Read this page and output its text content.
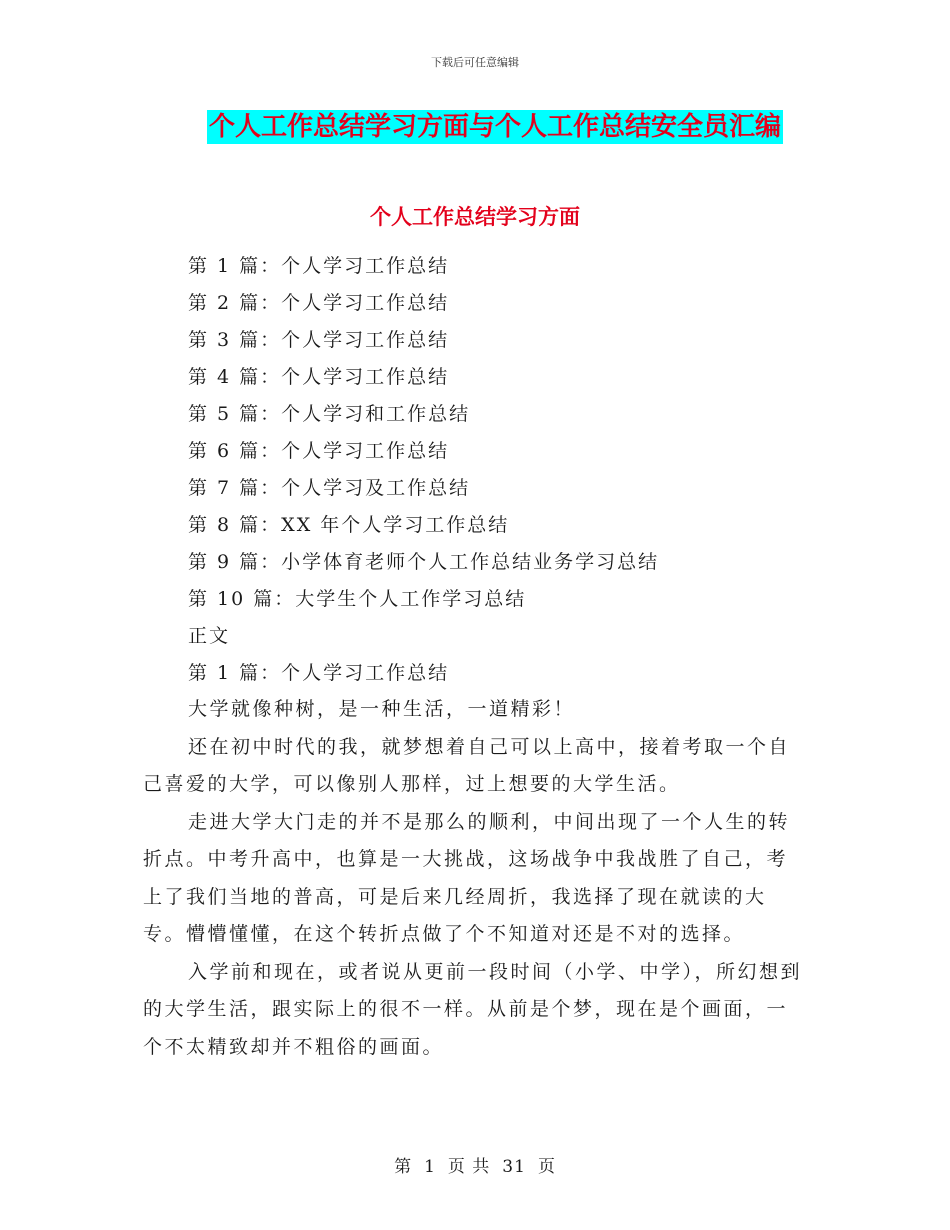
下载后可任意编辑
个人工作总结学习方面与个人工作总结安全员汇编
个人工作总结学习方面
第 1 篇：个人学习工作总结
第 2 篇：个人学习工作总结
第 3 篇：个人学习工作总结
第 4 篇：个人学习工作总结
第 5 篇：个人学习和工作总结
第 6 篇：个人学习工作总结
第 7 篇：个人学习及工作总结
第 8 篇：XX 年个人学习工作总结
第 9 篇：小学体育老师个人工作总结业务学习总结
第 10 篇：大学生个人工作学习总结
正文
第 1 篇：个人学习工作总结

大学就像种树，是一种生活，一道精彩！

还在初中时代的我，就梦想着自己可以上高中，接着考取一个自己喜爱的大学，可以像别人那样，过上想要的大学生活。

走进大学大门走的并不是那么的顺利，中间出现了一个人生的转折点。中考升高中，也算是一大挑战，这场战争中我战胜了自己，考上了我们当地的普高，可是后来几经周折，我选择了现在就读的大专。懵懵懂懂，在这个转折点做了个不知道对还是不对的选择。

入学前和现在，或者说从更前一段时间（小学、中学），所幻想到的大学生活，跟实际上的很不一样。从前是个梦，现在是个画面，一个不太精致却并不粗俗的画面。

第 1 页 共 31 页
